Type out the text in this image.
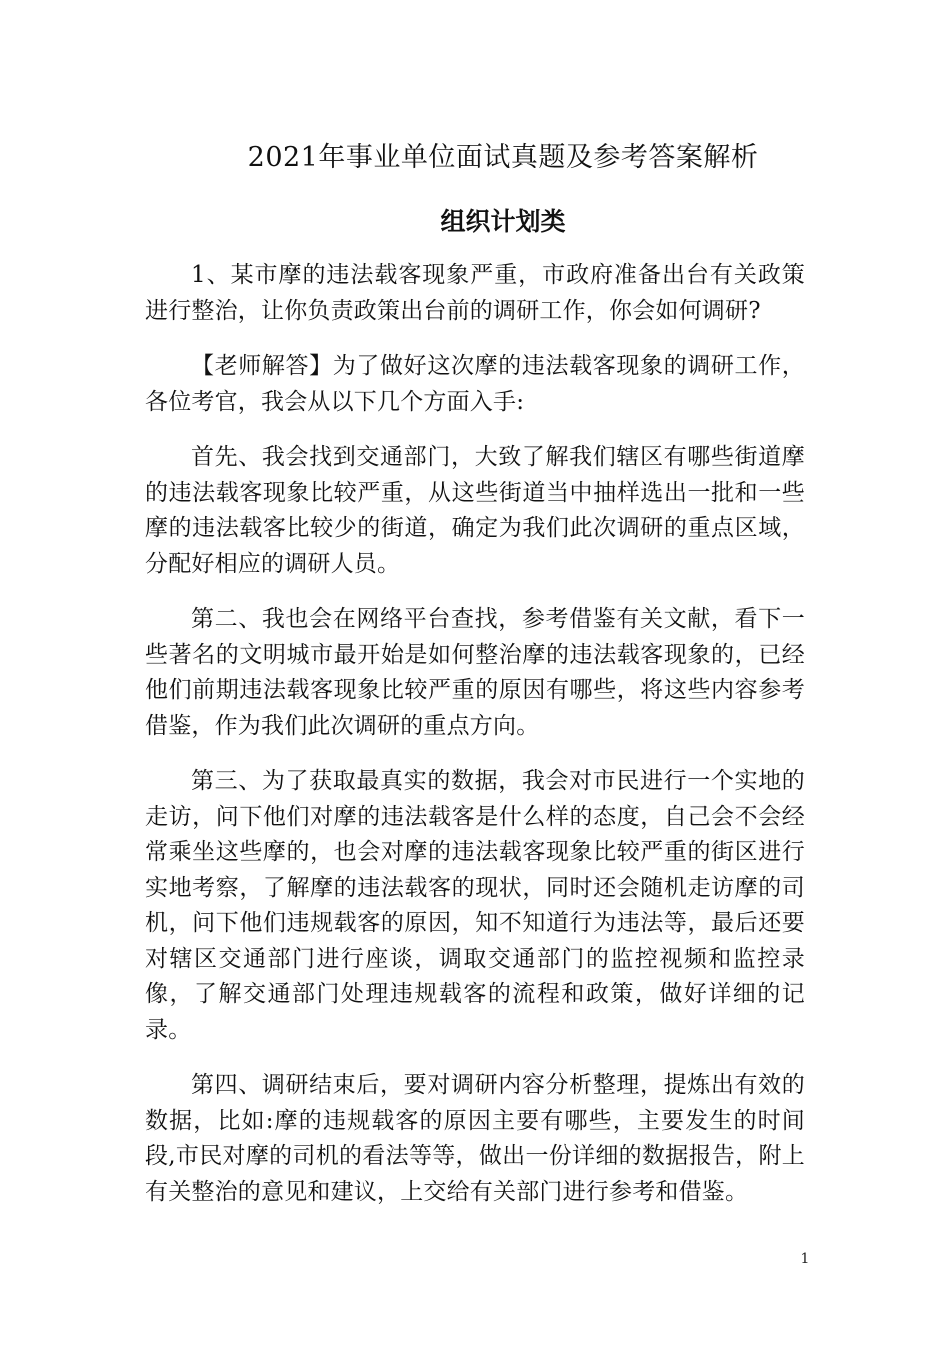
2021年事业单位面试真题及参考答案解析
组织计划类

1、某市摩的违法载客现象严重，市政府准备出台有关政策进行整治，让你负责政策出台前的调研工作，你会如何调研?

【老师解答】为了做好这次摩的违法载客现象的调研工作，各位考官，我会从以下几个方面入手:

首先、我会找到交通部门，大致了解我们辖区有哪些街道摩的违法载客现象比较严重，从这些街道当中抽样选出一批和一些摩的违法载客比较少的街道，确定为我们此次调研的重点区域，分配好相应的调研人员。

第二、我也会在网络平台查找，参考借鉴有关文献，看下一些著名的文明城市最开始是如何整治摩的违法载客现象的，已经他们前期违法载客现象比较严重的原因有哪些，将这些内容参考借鉴，作为我们此次调研的重点方向。

第三、为了获取最真实的数据，我会对市民进行一个实地的走访，问下他们对摩的违法载客是什么样的态度，自己会不会经常乘坐这些摩的，也会对摩的违法载客现象比较严重的街区进行实地考察，了解摩的违法载客的现状，同时还会随机走访摩的司机，问下他们违规载客的原因，知不知道行为违法等，最后还要对辖区交通部门进行座谈，调取交通部门的监控视频和监控录像，了解交通部门处理违规载客的流程和政策，做好详细的记录。

第四、调研结束后，要对调研内容分析整理，提炼出有效的数据，比如:摩的违规载客的原因主要有哪些，主要发生的时间段,市民对摩的司机的看法等等，做出一份详细的数据报告，附上有关整治的意见和建议，上交给有关部门进行参考和借鉴。

1
